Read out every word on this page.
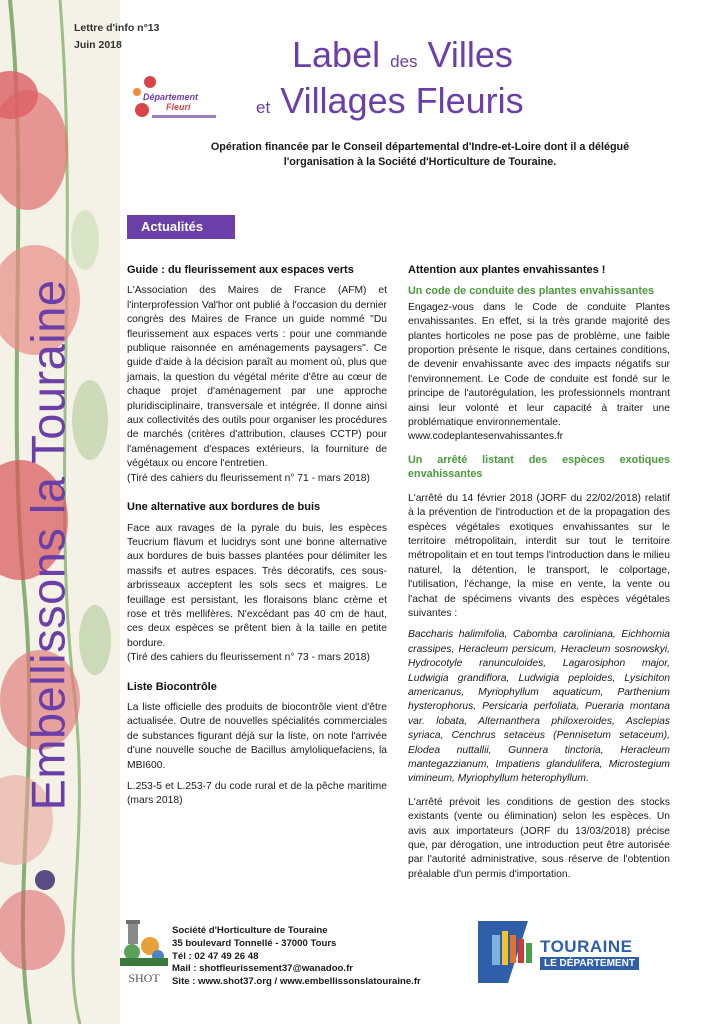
Embellissons la Touraine
Lettre d'info n°13
Juin 2018
Département
Fleuri
Label des Villes
et Villages Fleuris
Opération financée par le Conseil départemental d'Indre-et-Loire dont il a délégué l'organisation à la Société d'Horticulture de Touraine.
Actualités
Guide : du fleurissement aux espaces verts

L'Association des Maires de France (AFM) et l'interprofession Val'hor ont publié à l'occasion du dernier congrès des Maires de France un guide nommé "Du fleurissement aux espaces verts : pour une commande publique raisonnée en aménagements paysagers". Ce guide d'aide à la décision paraît au moment où, plus que jamais, la question du végétal mérite d'être au cœur de chaque projet d'aménagement par une approche pluridisciplinaire, transversale et intégrée. Il donne ainsi aux collectivités des outils pour organiser les procédures de marchés (critères d'attribution, clauses CCTP) pour l'aménagement d'espaces extérieurs, la fourniture de végétaux ou encore l'entretien.

(Tiré des cahiers du fleurissement n° 71 - mars 2018)

Une alternative aux bordures de buis

Face aux ravages de la pyrale du buis, les espèces Teucrium flavum et lucidrys sont une bonne alternative aux bordures de buis basses plantées pour délimiter les massifs et autres espaces. Très décoratifs, ces sous-arbrisseaux acceptent les sols secs et maigres. Le feuillage est persistant, les floraisons blanc crème et rose et très mellifères. N'excédant pas 40 cm de haut, ces deux espèces se prêtent bien à la taille en petite bordure.

(Tiré des cahiers du fleurissement n° 73 - mars 2018)

Liste Biocontrôle

La liste officielle des produits de biocontrôle vient d'être actualisée. Outre de nouvelles spécialités commerciales de substances figurant déjà sur la liste, on note l'arrivée d'une nouvelle souche de Bacillus amyloliquefaciens, la MBI600.

L.253-5 et L.253-7 du code rural et de la pêche maritime (mars 2018)

Attention aux plantes envahissantes !
Un code de conduite des plantes envahissantes

Engagez-vous dans le Code de conduite Plantes envahissantes. En effet, si la très grande majorité des plantes horticoles ne pose pas de problème, une faible proportion présente le risque, dans certaines conditions, de devenir envahissante avec des impacts négatifs sur l'environnement. Le Code de conduite est fondé sur le principe de l'autorégulation, les professionnels montrant ainsi leur volonté et leur capacité à traiter une problématique environnementale.

www.codeplantesenvahissantes.fr

Un arrêté listant des espèces exotiques envahissantes

L'arrêté du 14 février 2018 (JORF du 22/02/2018) relatif à la prévention de l'introduction et de la propagation des espèces végétales exotiques envahissantes sur le territoire métropolitain, interdit sur tout le territoire métropolitain et en tout temps l'introduction dans le milieu naturel, la détention, le transport, le colportage, l'utilisation, l'échange, la mise en vente, la vente ou l'achat de spécimens vivants des espèces végétales suivantes :

Baccharis halimifolia, Cabomba caroliniana, Eichhornia crassipes, Heracleum persicum, Heracleum sosnowskyi, Hydrocotyle ranunculoides, Lagarosiphon major, Ludwigia grandiflora, Ludwigia peploides, Lysichiton americanus, Myriophyllum aquaticum, Parthenium hysterophorus, Persicaria perfoliata, Pueraria montana var. lobata, Alternanthera philoxeroides, Asclepias syriaca, Cenchrus setaceus (Pennisetum setaceum), Elodea nuttallii, Gunnera tinctoria, Heracleum mantegazzianum, Impatiens glandulifera, Microstegium vimineum, Myriophyllum heterophyllum.

L'arrêté prévoit les conditions de gestion des stocks existants (vente ou élimination) selon les espèces. Un avis aux importateurs (JORF du 13/03/2018) précise que, par dérogation, une introduction peut être autorisée par l'autorité administrative, sous réserve de l'obtention préalable d'un permis d'importation.

SHOT
Société d'Horticulture de Touraine
35 boulevard Tonnellé - 37000 Tours
Tél : 02 47 49 26 48
Mail : shotfleurissement37@wanadoo.fr
Site : www.shot37.org / www.embellissonslatouraine.fr
TOURAINE
LE DÉPARTEMENT
